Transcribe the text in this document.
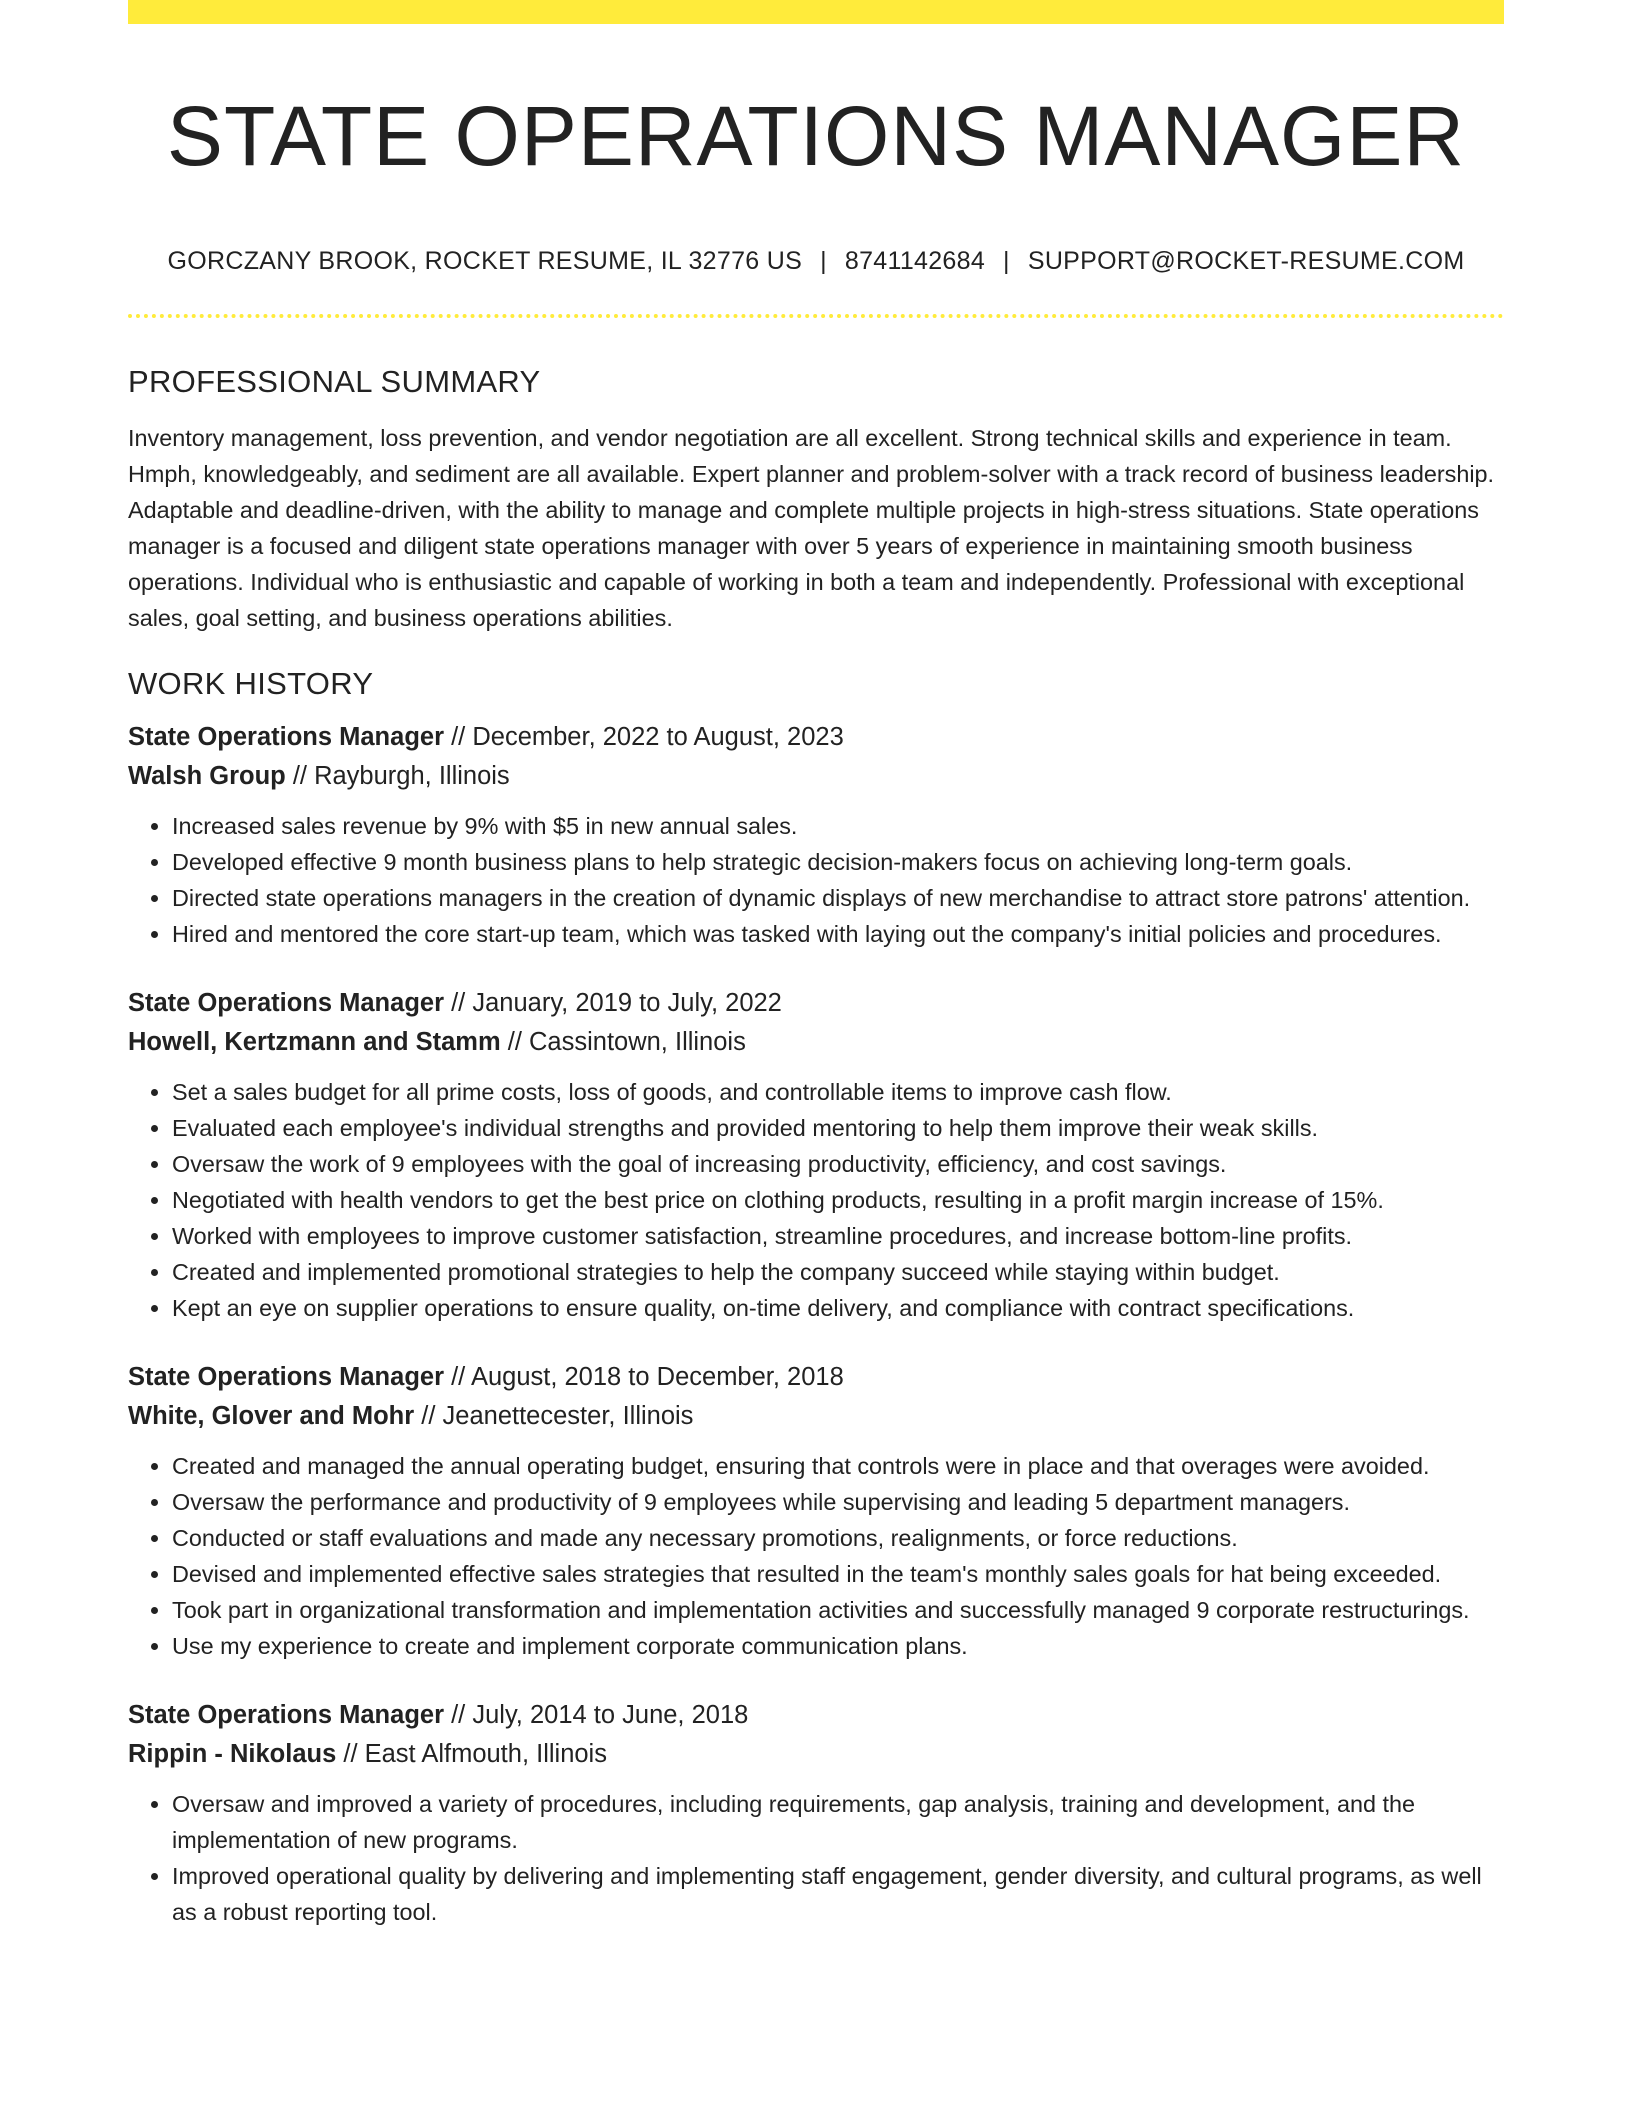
STATE OPERATIONS MANAGER
GORCZANY BROOK, ROCKET RESUME, IL 32776 US | 8741142684 | SUPPORT@ROCKET-RESUME.COM
PROFESSIONAL SUMMARY
Inventory management, loss prevention, and vendor negotiation are all excellent. Strong technical skills and experience in team. Hmph, knowledgeably, and sediment are all available. Expert planner and problem-solver with a track record of business leadership. Adaptable and deadline-driven, with the ability to manage and complete multiple projects in high-stress situations. State operations manager is a focused and diligent state operations manager with over 5 years of experience in maintaining smooth business operations. Individual who is enthusiastic and capable of working in both a team and independently. Professional with exceptional sales, goal setting, and business operations abilities.
WORK HISTORY
State Operations Manager // December, 2022 to August, 2023
Walsh Group // Rayburgh, Illinois
• Increased sales revenue by 9% with $5 in new annual sales.
• Developed effective 9 month business plans to help strategic decision-makers focus on achieving long-term goals.
• Directed state operations managers in the creation of dynamic displays of new merchandise to attract store patrons' attention.
• Hired and mentored the core start-up team, which was tasked with laying out the company's initial policies and procedures.
State Operations Manager // January, 2019 to July, 2022
Howell, Kertzmann and Stamm // Cassintown, Illinois
• Set a sales budget for all prime costs, loss of goods, and controllable items to improve cash flow.
• Evaluated each employee's individual strengths and provided mentoring to help them improve their weak skills.
• Oversaw the work of 9 employees with the goal of increasing productivity, efficiency, and cost savings.
• Negotiated with health vendors to get the best price on clothing products, resulting in a profit margin increase of 15%.
• Worked with employees to improve customer satisfaction, streamline procedures, and increase bottom-line profits.
• Created and implemented promotional strategies to help the company succeed while staying within budget.
• Kept an eye on supplier operations to ensure quality, on-time delivery, and compliance with contract specifications.
State Operations Manager // August, 2018 to December, 2018
White, Glover and Mohr // Jeanettecester, Illinois
• Created and managed the annual operating budget, ensuring that controls were in place and that overages were avoided.
• Oversaw the performance and productivity of 9 employees while supervising and leading 5 department managers.
• Conducted or staff evaluations and made any necessary promotions, realignments, or force reductions.
• Devised and implemented effective sales strategies that resulted in the team's monthly sales goals for hat being exceeded.
• Took part in organizational transformation and implementation activities and successfully managed 9 corporate restructurings.
• Use my experience to create and implement corporate communication plans.
State Operations Manager // July, 2014 to June, 2018
Rippin - Nikolaus // East Alfmouth, Illinois
• Oversaw and improved a variety of procedures, including requirements, gap analysis, training and development, and the implementation of new programs.
• Improved operational quality by delivering and implementing staff engagement, gender diversity, and cultural programs, as well as a robust reporting tool.
